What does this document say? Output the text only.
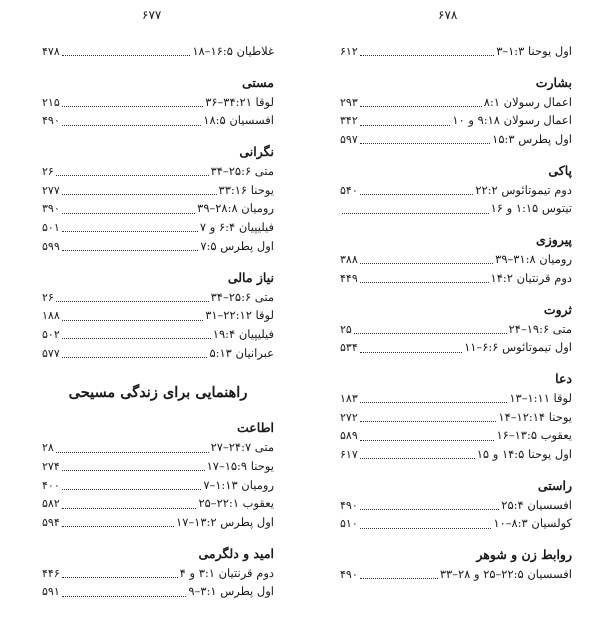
۶۷۷	۶۷۸
اول یوحنا ۱:۳–۳
۶۱۲
بشارت
اعمال رسولان ۸:۱
۲۹۳
اعمال رسولان ۹:۱۸ و ۱۰
۳۴۲
اول پطرس ۱۵:۳
۵۹۷
پاکی
دوم تیموتائوس ۲۲:۲
۵۴۰
تیتوس ۱:۱۵ و ۱۶
پیروزی
رومیان ۳۱:۸–۳۹
۳۸۸
دوم قرنتیان ۱۴:۲
۴۴۹
ثروت
متی ۱۹:۶–۲۴
۲۵
اول تیموتائوس ۶:۶–۱۱
۵۳۴
دعا
لوقا ۱:۱۱–۱۳
۱۸۳
یوحنا ۱۲:۱۴–۱۴
۲۷۲
یعقوب ۱۳:۵–۱۶
۵۸۹
اول یوحنا ۱۴:۵ و ۱۵
۶۱۷
راستی
افسسیان ۲۵:۴
۴۹۰
کولسیان ۸:۳–۱۰
۵۱۰
روابط زن و شوهر
افسسیان ۲۲:۵–۲۵ و ۲۸–۳۳
۴۹۰
غلاطیان ۱۶:۵–۱۸
۴۷۸
مستی
لوقا ۳۴:۲۱–۳۶
۲۱۵
افسسیان ۱۸:۵
۴۹۰
نگرانی
متی ۲۵:۶–۳۴
۲۶
یوحنا ۳۳:۱۶
۲۷۷
رومیان ۲۸:۸–۳۹
۳۹۰
فیلیپیان ۶:۴ و ۷
۵۰۱
اول پطرس ۷:۵
۵۹۹
نیاز مالی
متی ۲۵:۶–۳۴
۲۶
لوقا ۲۲:۱۲–۳۱
۱۸۸
فیلیپیان ۱۹:۴
۵۰۲
عبرانیان ۵:۱۳
۵۷۷
راهنمایی برای زندگی مسیحی
اطاعت
متی ۲۴:۷–۲۷
۲۸
یوحنا ۱۵:۹–۱۷
۲۷۴
رومیان ۱:۱۳–۷
۴۰۰
یعقوب ۲۲:۱–۲۵
۵۸۲
اول پطرس ۱۳:۲–۱۷
۵۹۴
امید و دلگرمی
دوم قرنتیان ۳:۱ و ۴
۴۴۶
اول پطرس ۳:۱–۹
۵۹۱
